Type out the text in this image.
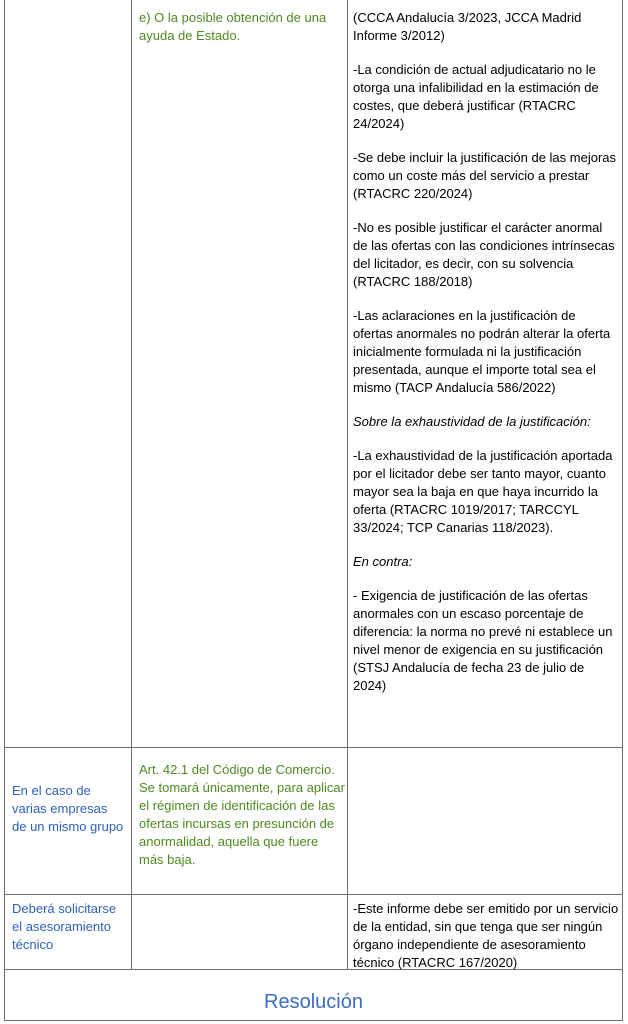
e) O la posible obtención de una ayuda de Estado.

(CCCA Andalucía 3/2023, JCCA Madrid Informe 3/2012)

-La condición de actual adjudicatario no le otorga una infalibilidad en la estimación de costes, que deberá justificar (RTACRC 24/2024)

-Se debe incluir la justificación de las mejoras como un coste más del servicio a prestar (RTACRC 220/2024)

-No es posible justificar el carácter anormal de las ofertas con las condiciones intrínsecas del licitador, es decir, con su solvencia (RTACRC 188/2018)

-Las aclaraciones en la justificación de ofertas anormales no podrán alterar la oferta inicialmente formulada ni la justificación presentada, aunque el importe total sea el mismo (TACP Andalucía 586/2022)

Sobre la exhaustividad de la justificación:

-La exhaustividad de la justificación aportada por el licitador debe ser tanto mayor, cuanto mayor sea la baja en que haya incurrido la oferta (RTACRC 1019/2017; TARCCYL 33/2024; TCP Canarias 118/2023).

En contra:

- Exigencia de justificación de las ofertas anormales con un escaso porcentaje de diferencia: la norma no prevé ni establece un nivel menor de exigencia en su justificación (STSJ Andalucía de fecha 23 de julio de 2024)

En el caso de varias empresas de un mismo grupo
Art. 42.1 del Código de Comercio. Se tomará únicamente, para aplicar el régimen de identificación de las ofertas incursas en presunción de anormalidad, aquella que fuere más baja.
Deberá solicitarse el asesoramiento técnico
-Este informe debe ser emitido por un servicio de la entidad, sin que tenga que ser ningún órgano independiente de asesoramiento técnico (RTACRC 167/2020)
Resolución
